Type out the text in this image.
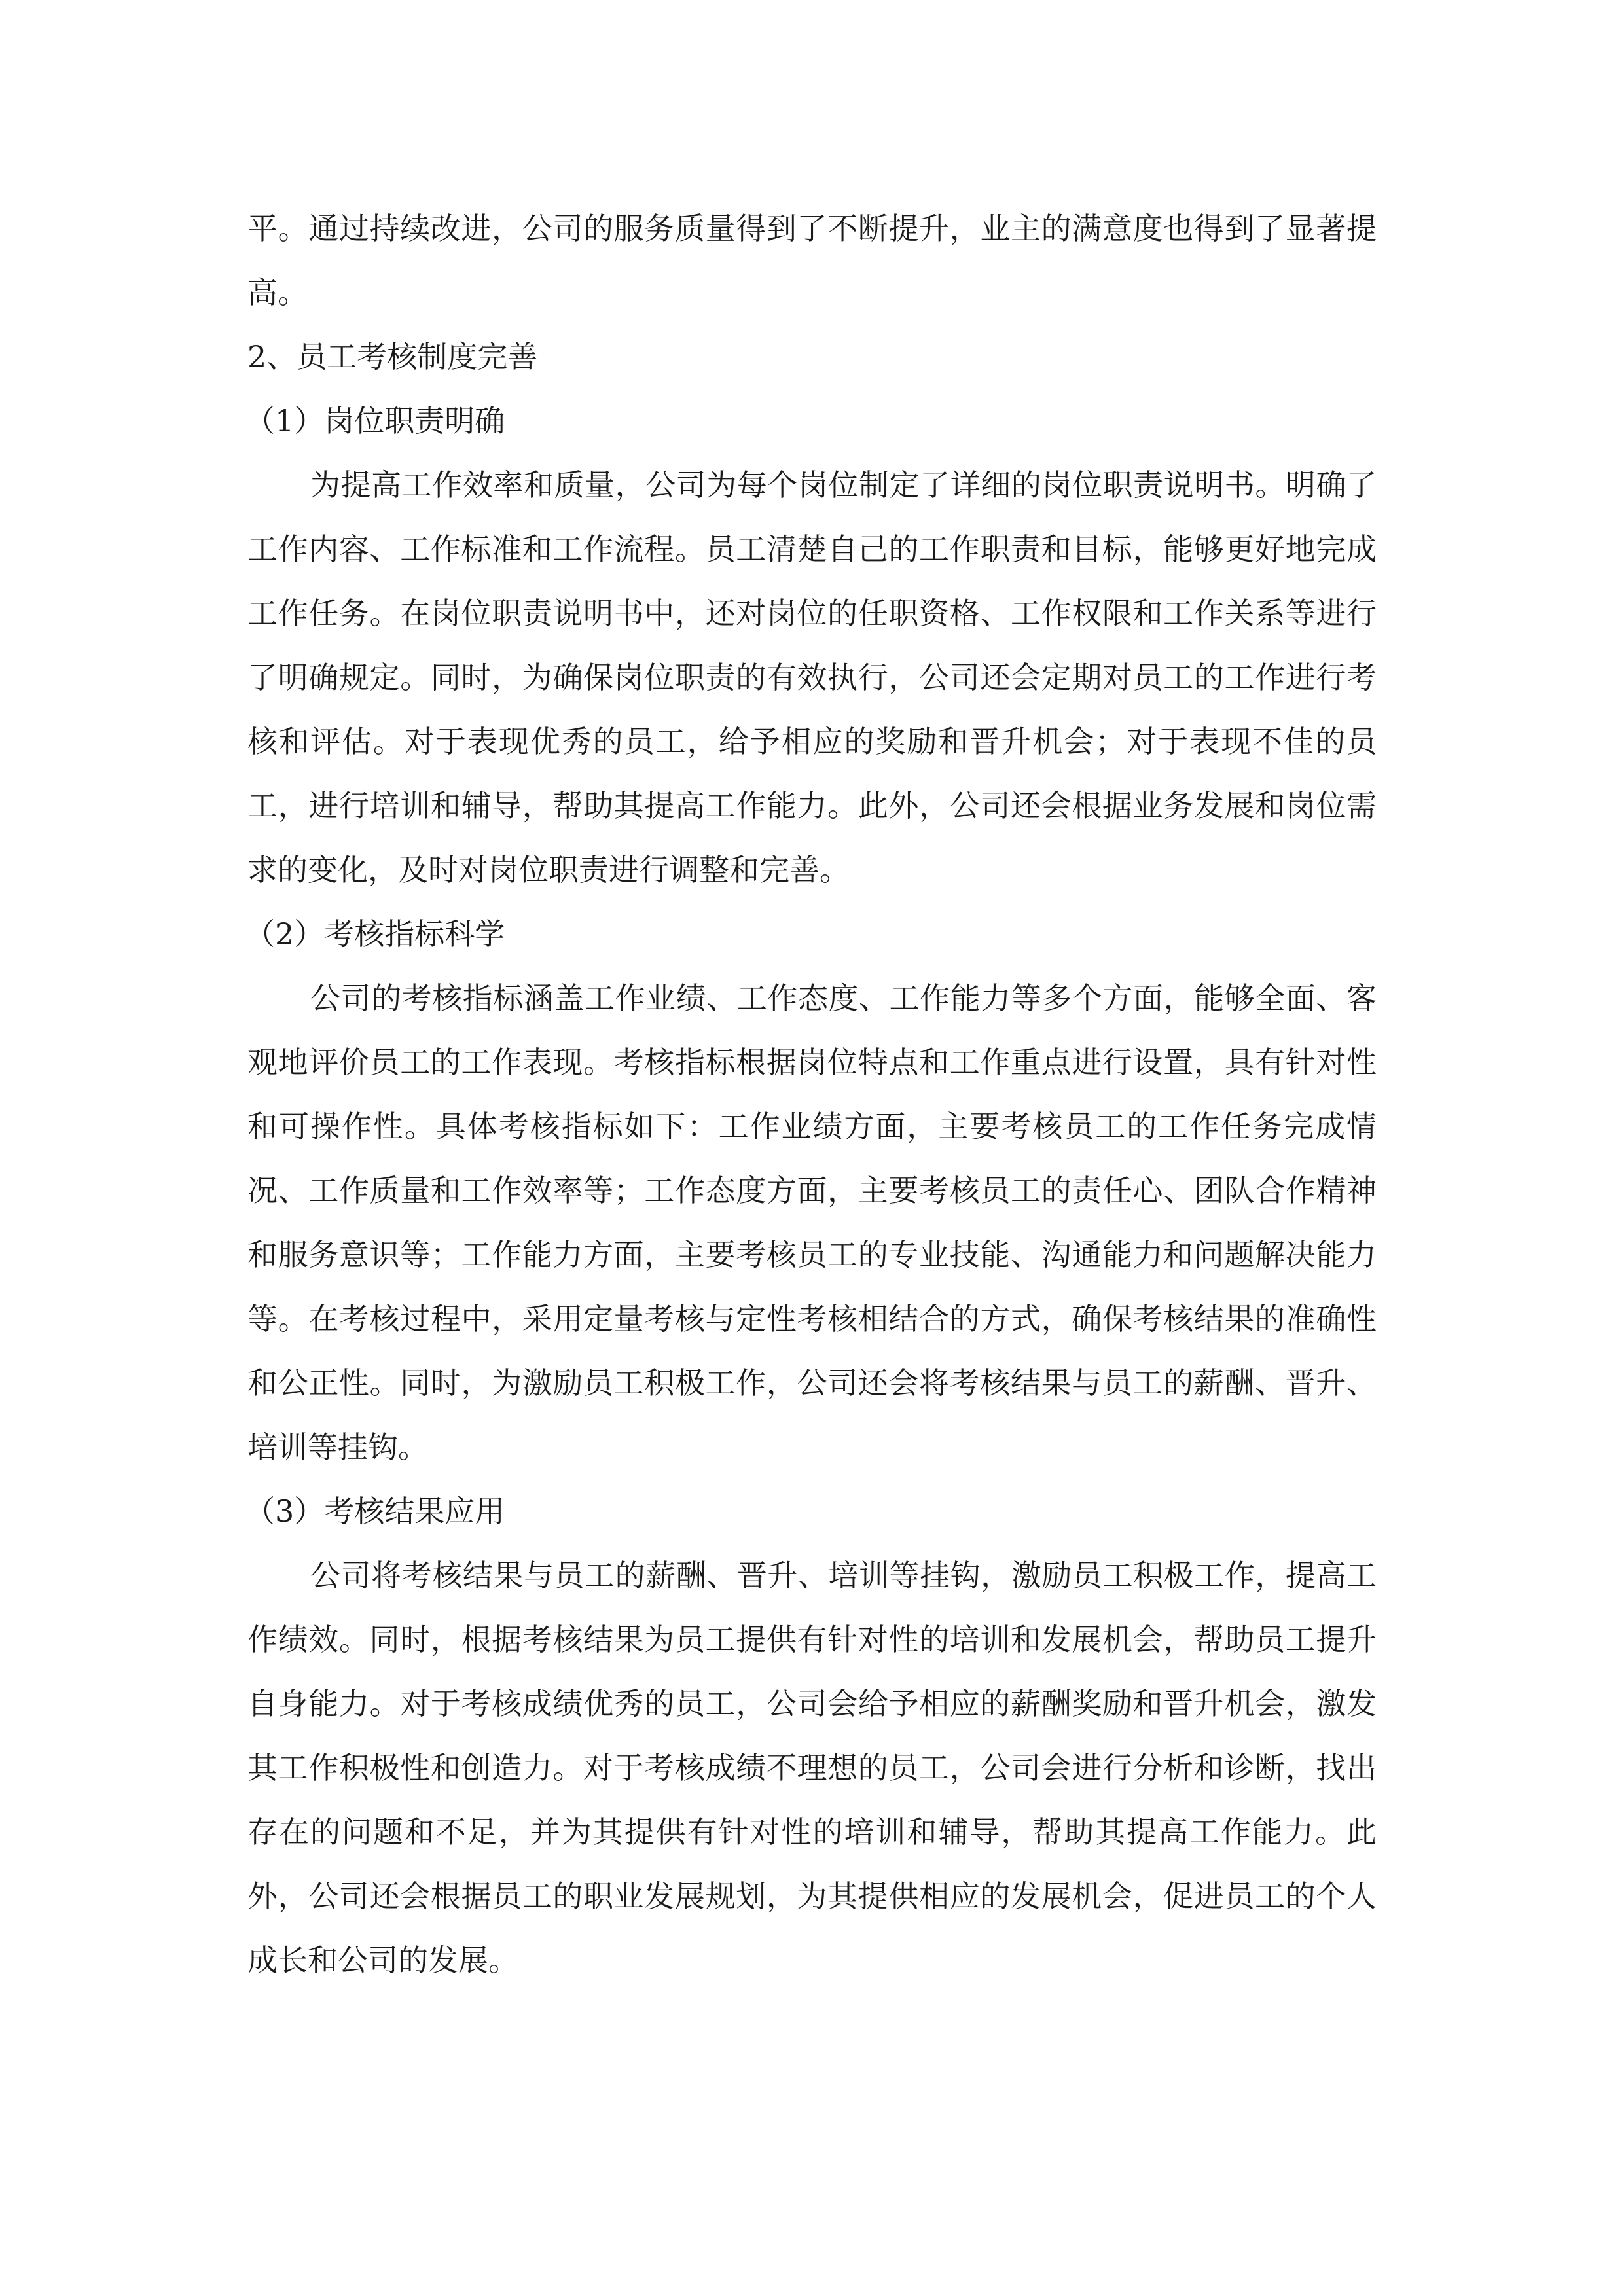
平。通过持续改进，公司的服务质量得到了不断提升，业主的满意度也得到了显著提高。

2、员工考核制度完善

（1）岗位职责明确

为提高工作效率和质量，公司为每个岗位制定了详细的岗位职责说明书。明确了工作内容、工作标准和工作流程。员工清楚自己的工作职责和目标，能够更好地完成工作任务。在岗位职责说明书中，还对岗位的任职资格、工作权限和工作关系等进行了明确规定。同时，为确保岗位职责的有效执行，公司还会定期对员工的工作进行考核和评估。对于表现优秀的员工，给予相应的奖励和晋升机会；对于表现不佳的员工，进行培训和辅导，帮助其提高工作能力。此外，公司还会根据业务发展和岗位需求的变化，及时对岗位职责进行调整和完善。

（2）考核指标科学

公司的考核指标涵盖工作业绩、工作态度、工作能力等多个方面，能够全面、客观地评价员工的工作表现。考核指标根据岗位特点和工作重点进行设置，具有针对性和可操作性。具体考核指标如下：工作业绩方面，主要考核员工的工作任务完成情况、工作质量和工作效率等；工作态度方面，主要考核员工的责任心、团队合作精神和服务意识等；工作能力方面，主要考核员工的专业技能、沟通能力和问题解决能力等。在考核过程中，采用定量考核与定性考核相结合的方式，确保考核结果的准确性和公正性。同时，为激励员工积极工作，公司还会将考核结果与员工的薪酬、晋升、培训等挂钩。

（3）考核结果应用

公司将考核结果与员工的薪酬、晋升、培训等挂钩，激励员工积极工作，提高工作绩效。同时，根据考核结果为员工提供有针对性的培训和发展机会，帮助员工提升自身能力。对于考核成绩优秀的员工，公司会给予相应的薪酬奖励和晋升机会，激发其工作积极性和创造力。对于考核成绩不理想的员工，公司会进行分析和诊断，找出存在的问题和不足，并为其提供有针对性的培训和辅导，帮助其提高工作能力。此外，公司还会根据员工的职业发展规划，为其提供相应的发展机会，促进员工的个人成长和公司的发展。
